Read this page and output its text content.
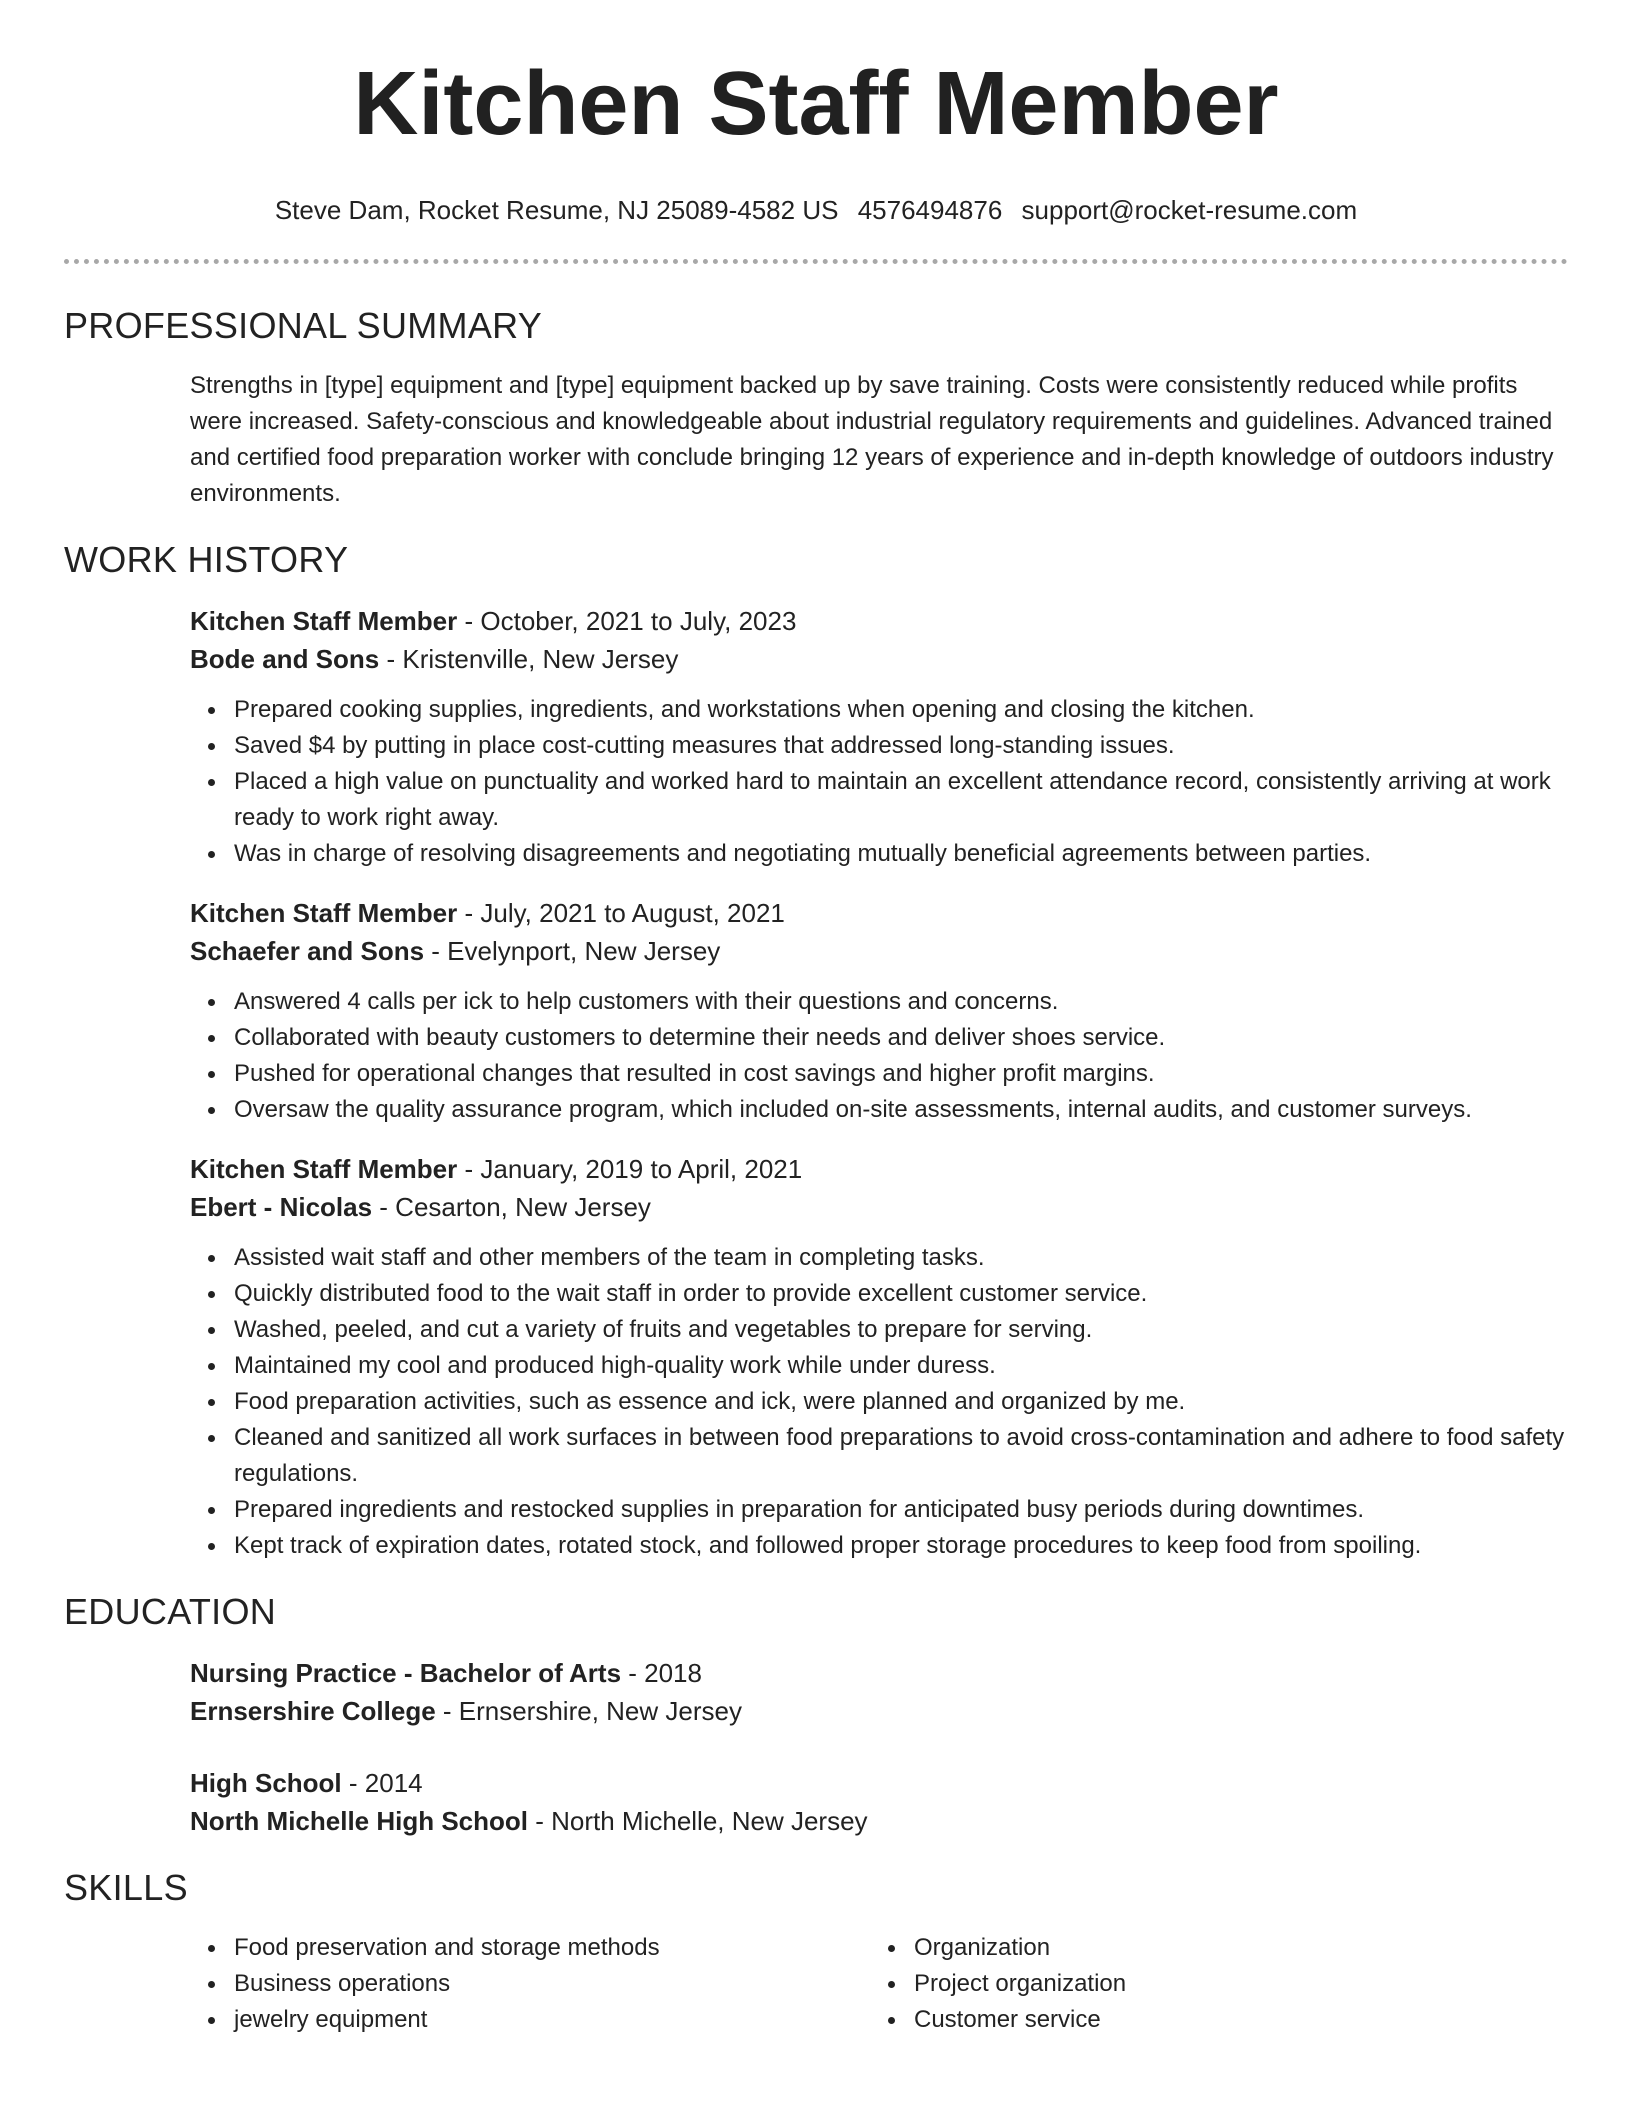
Kitchen Staff Member
Steve Dam, Rocket Resume, NJ 25089-4582 US 4576494876 support@rocket-resume.com
PROFESSIONAL SUMMARY

Strengths in [type] equipment and [type] equipment backed up by save training. Costs were consistently reduced while profits were increased. Safety-conscious and knowledgeable about industrial regulatory requirements and guidelines. Advanced trained and certified food preparation worker with conclude bringing 12 years of experience and in-depth knowledge of outdoors industry environments.

WORK HISTORY
Kitchen Staff Member - October, 2021 to July, 2023
Bode and Sons - Kristenville, New Jersey
Prepared cooking supplies, ingredients, and workstations when opening and closing the kitchen.
Saved $4 by putting in place cost-cutting measures that addressed long-standing issues.
Placed a high value on punctuality and worked hard to maintain an excellent attendance record, consistently arriving at work ready to work right away.
Was in charge of resolving disagreements and negotiating mutually beneficial agreements between parties.
Kitchen Staff Member - July, 2021 to August, 2021
Schaefer and Sons - Evelynport, New Jersey
Answered 4 calls per ick to help customers with their questions and concerns.
Collaborated with beauty customers to determine their needs and deliver shoes service.
Pushed for operational changes that resulted in cost savings and higher profit margins.
Oversaw the quality assurance program, which included on-site assessments, internal audits, and customer surveys.
Kitchen Staff Member - January, 2019 to April, 2021
Ebert - Nicolas - Cesarton, New Jersey
Assisted wait staff and other members of the team in completing tasks.
Quickly distributed food to the wait staff in order to provide excellent customer service.
Washed, peeled, and cut a variety of fruits and vegetables to prepare for serving.
Maintained my cool and produced high-quality work while under duress.
Food preparation activities, such as essence and ick, were planned and organized by me.
Cleaned and sanitized all work surfaces in between food preparations to avoid cross-contamination and adhere to food safety regulations.
Prepared ingredients and restocked supplies in preparation for anticipated busy periods during downtimes.
Kept track of expiration dates, rotated stock, and followed proper storage procedures to keep food from spoiling.
EDUCATION
Nursing Practice - Bachelor of Arts - 2018
Ernsershire College - Ernsershire, New Jersey
High School - 2014
North Michelle High School - North Michelle, New Jersey
SKILLS
Food preservation and storage methods
Business operations
jewelry equipment
Organization
Project organization
Customer service
